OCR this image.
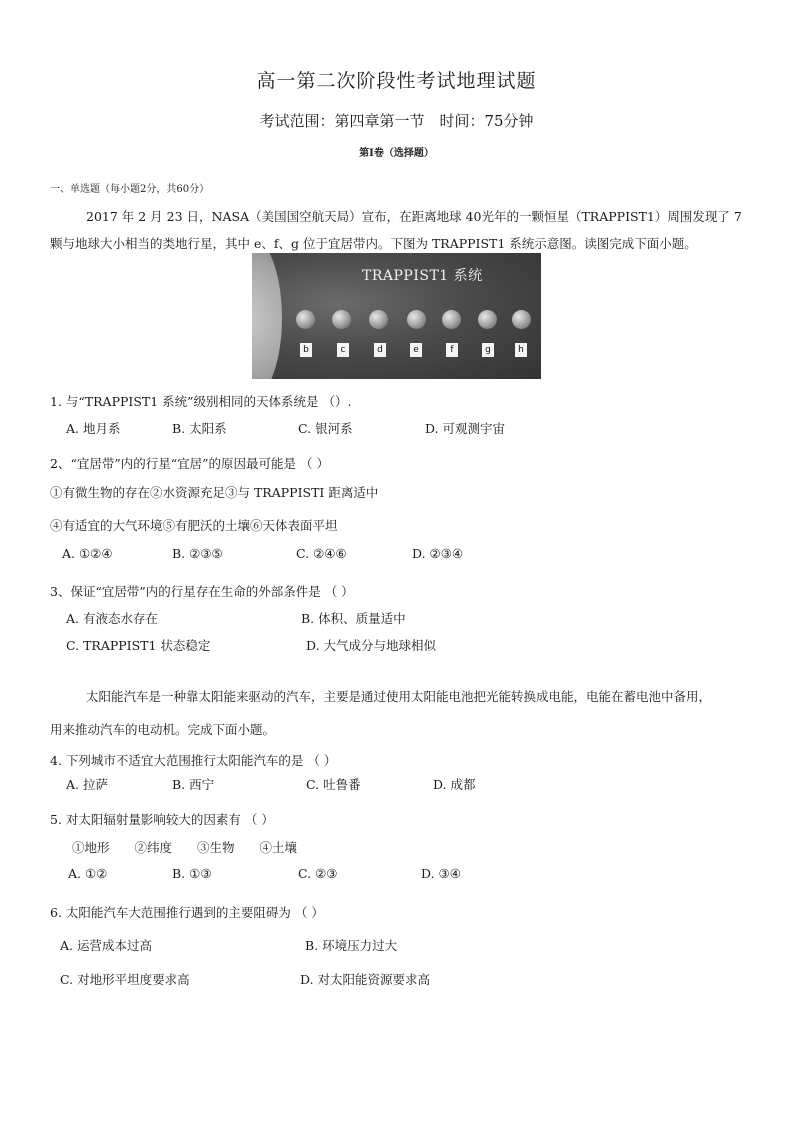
高一第二次阶段性考试地理试题
考试范围：第四章第一节　时间：75分钟
第Ⅰ卷（选择题）
一、单选题（每小题2分，共60分）
2017 年 2 月 23 日，NASA（美国国空航天局）宣布，在距离地球 40光年的一颗恒星（TRAPPIST1）周围发现了 7
颗与地球大小相当的类地行星，其中 e、f、g 位于宜居带内。下图为 TRAPPIST1 系统示意图。读图完成下面小题。
TRAPPIST1 系统
b	c	d	e	f	g	h
1. 与“TRAPPIST1 系统”级别相同的天体系统是 （）.
A. 地月系	B. 太阳系	C. 银河系	D. 可观测宇宙
2、“宜居带”内的行星“宜居”的原因最可能是 （ ）
①有微生物的存在②水资源充足③与 TRAPPISTI 距离适中
④有适宜的大气环境⑤有肥沃的土壤⑥天体表面平坦
A. ①②④	B. ②③⑤	C. ②④⑥	D. ②③④
3、保证“宜居带”内的行星存在生命的外部条件是 （ ）
A. 有液态水存在	B. 体积、质量适中
C. TRAPPIST1 状态稳定	D. 大气成分与地球相似
太阳能汽车是一种靠太阳能来驱动的汽车，主要是通过使用太阳能电池把光能转换成电能，电能在蓄电池中备用，
用来推动汽车的电动机。完成下面小题。
4. 下列城市不适宜大范围推行太阳能汽车的是 （ ）
A. 拉萨	B. 西宁	C. 吐鲁番	D. 成都
5. 对太阳辐射量影响较大的因素有 （ ）
①地形　　②纬度　　③生物　　④土壤
A. ①②	B. ①③	C. ②③	D. ③④
6. 太阳能汽车大范围推行遇到的主要阻碍为 （ ）
A. 运营成本过高	B. 环境压力过大
C. 对地形平坦度要求高	D. 对太阳能资源要求高
